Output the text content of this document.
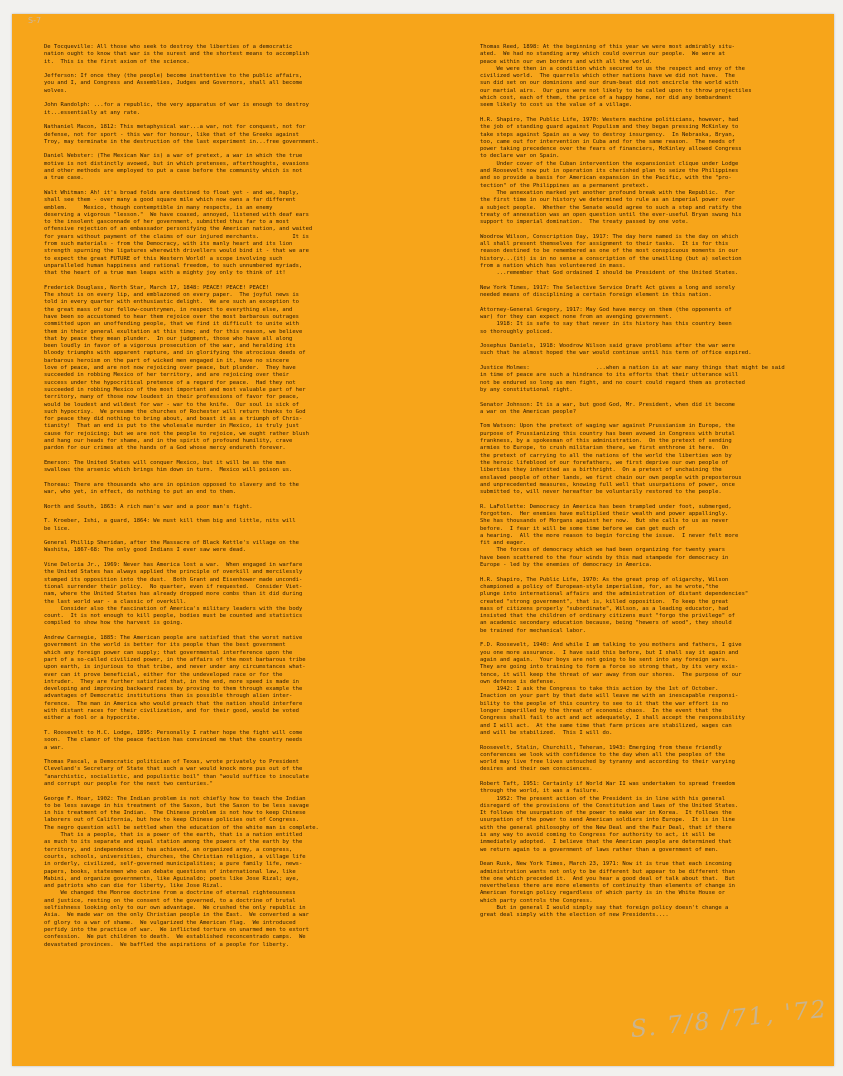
S-7
De Tocqueville: All those who seek to destroy the liberties of a democratic
nation ought to know that war is the surest and the shortest means to accomplish
it.  This is the first axiom of the science.
Jefferson: If once they (the people) become inattentive to the public affairs,
you and I, and Congress and Assemblies, Judges and Governors, shall all become
wolves.
John Randolph: ...for a republic, the very apparatus of war is enough to destroy
it...essentially at any rate.
Nathaniel Macon, 1812: This metaphysical war...a war, not for conquest, not for
defense, not for sport - this war for honour, like that of the Greeks against
Troy, may terminate in the destruction of the last experiment in...free government.
Daniel Webster: (The Mexican War is) a war of pretext, a war in which the true
motive is not distinctly avowed, but in which pretenses, afterthoughts, evasions
and other methods are employed to put a case before the community which is not
a true case.
Walt Whitman: Ah! it's broad folds are destined to float yet - and we, haply,
shall see them - over many a good square mile which now owns a far different
emblem.     Mexico, though contemptible in many respects, is an enemy
deserving a vigorous "lesson."  We have coaxed, annoyed, listened with deaf ears
to the insolent gasconnade of her government, submitted thus far to a most
offensive rejection of an embassador personifying the American nation, and waited
for years without payment of the claims of our injured merchants.          It is
from such materials - from the Democracy, with its manly heart and its lion
strength spurning the ligatures wherewith drivellers would bind it - that we are
to expect the great FUTURE of this Western World! a scope involving such
unparalleled human happiness and rational freedom, to such unnumbered myriads,
that the heart of a true man leaps with a mighty joy only to think of it!
Frederick Douglass, North Star, March 17, 1848: PEACE! PEACE! PEACE!
The shout is on every lip, and emblazoned on every paper.  The joyful news is
told in every quarter with enthusiastic delight.  We are such an exception to
the great mass of our fellow-countrymen, in respect to everything else, and
have been so accustomed to hear them rejoice over the most barbarous outrages
committed upon an unoffending people, that we find it difficult to unite with
them in their general exultation at this time; and for this reason, we believe
that by peace they mean plunder.  In our judgment, those who have all along
been loudly in favor of a vigorous prosecution of the war, and heralding its
bloody triumphs with apparent rapture, and in glorifying the atrocious deeds of
barbarous heroism on the part of wicked men engaged in it, have no sincere
love of peace, and are not now rejoicing over peace, but plunder.  They have
succeeded in robbing Mexico of her territory, and are rejoicing over their
success under the hypocritical pretence of a regard for peace.  Had they not
succeeded in robbing Mexico of the most important and most valuable part of her
territory, many of those now loudest in their professions of favor for peace,
would be loudest and wildest for war - war to the knife.  Our soul is sick of
such hypocrisy.  We presume the churches of Rochester will return thanks to God
for peace they did nothing to bring about, and boast it as a triumph of Chris-
tianity!  That an end is put to the wholesale murder in Mexico, is truly just
cause for rejoicing; but we are not the people to rejoice, we ought rather blush
and hang our heads for shame, and in the spirit of profound humility, crave
pardon for our crimes at the hands of a God whose mercy endureth forever.
Emerson: The United States will conquer Mexico, but it will be as the man
swallows the arsenic which brings him down in turn.  Mexico will poison us.
Thoreau: There are thousands who are in opinion opposed to slavery and to the
war, who yet, in effect, do nothing to put an end to them.
North and South, 1863: A rich man's war and a poor man's fight.
T. Kroeber, Ishi, a guard, 1864: We must kill them big and little, nits will
be lice.
General Phillip Sheridan, after the Massacre of Black Kettle's village on the
Washita, 1867-68: The only good Indians I ever saw were dead.
Vine Deloria Jr., 1969: Never has America lost a war.  When engaged in warfare
the United States has always applied the principle of overkill and mercilessly
stamped its opposition into the dust.  Both Grant and Eisenhower made uncondi-
tional surrender their policy.  No quarter, even if requested.  Consider Viet-
nam, where the United States has already dropped more combs than it did during
the last world war - a classic of overkill.
Consider also the fascination of America's military leaders with the body
count.  It is not enough to kill people, bodies must be counted and statistics
compiled to show how the harvest is going.
Andrew Carnegie, 1885: The American people are satisfied that the worst native
government in the world is better for its people than the best government
which any foreign power can supply; that governmental interference upon the
part of a so-called civilized power, in the affairs of the most barbarous tribe
upon earth, is injurious to that tribe, and never under any circumstances what-
ever can it prove beneficial, either for the undeveloped race or for the
intruder.  They are further satisfied that, in the end, more speed is made in
developing and improving backward races by proving to them through example the
advantages of Democratic institutions than is possible through alien inter-
ference.  The man in America who would preach that the nation should interfere
with distant races for their civilization, and for their good, would be voted
either a fool or a hypocrite.
T. Roosevelt to H.C. Lodge, 1895: Personally I rather hope the fight will come
soon.  The clamor of the peace faction has convinced me that the country needs
a war.
Thomas Pascal, a Democratic politician of Texas, wrote privately to President
Cleveland's Secretary of State that such a war would knock more pus out of the
"anarchistic, socialistic, and populistic boil" than "would suffice to inoculate
and corrupt our people for the next two centuries."
George F. Hoar, 1902: The Indian problem is not chiefly how to teach the Indian
to be less savage in his treatment of the Saxon, but the Saxon to be less savage
in his treatment of the Indian.  The Chinese problem is not how to keep Chinese
laborers out of California, but how to keep Chinese policies out of Congress.
The negro question will be settled when the education of the white man is complete.
That is a people, that is a power of the earth, that is a nation entitled
as much to its separate and equal station among the powers of the earth by the
territory, and independence it has achieved, an organized army, a congress,
courts, schools, universities, churches, the Christian religion, a village life
in orderly, civilized, self-governed municipalities; a pure family life, news-
papers, books, statesmen who can debate questions of international law, like
Mabini, and organize governments, like Aguinaldo; poets like Jose Rizal; aye,
and patriots who can die for liberty, like Jose Rizal.
We changed the Monroe doctrine from a doctrine of eternal righteousness
and justice, resting on the consent of the governed, to a doctrine of brutal
selfishness looking only to our own advantage.  We crushed the only republic in
Asia.  We made war on the only Christian people in the East.  We converted a war
of glory to a war of shame.  We vulgarized the American flag.  We introduced
perfidy into the practice of war.  We inflicted torture on unarmed men to extort
confession.  We put children to death.  We established reconcentrado camps.  We
devastated provinces.  We baffled the aspirations of a people for liberty.
Thomas Reed, 1898: At the beginning of this year we were most admirably situ-
ated.  We had no standing army which could overrun our people.  We were at
peace within our own borders and with all the world.
We were then in a condition which secured to us the respect and envy of the
civilized world.  The quarrels which other nations have we did not have.  The
sun did set on our dominions and our drum-beat did not encircle the world with
our martial airs.  Our guns were not likely to be called upon to throw projectiles
which cost, each of them, the price of a happy home, nor did any bombardment
seem likely to cost us the value of a village.
H.R. Shapiro, The Public Life, 1970: Western machine politicians, however, had
the job of standing guard against Populism and they began pressing McKinley to
take steps against Spain as a way to destroy insurgency.  In Nebraska, Bryan,
too, came out for intervention in Cuba and for the same reason.  The needs of
power taking precedence over the fears of financiers, McKinley allowed Congress
to declare war on Spain.
Under cover of the Cuban intervention the expansionist clique under Lodge
and Roosevelt now put in operation its cherished plan to seize the Philippines
and so provide a basis for American expansion in the Pacific, with the "pro-
tection" of the Philippines as a permanent pretext.
The annexation marked yet another profound break with the Republic.  For
the first time in our history we determined to rule as an imperial power over
a subject people.  Whether the Senate would agree to such a step and ratify the
treaty of annexation was an open question until the ever-useful Bryan swung his
support to imperial domination.  The treaty passed by one vote.
Woodrow Wilson, Conscription Day, 1917: The day here named is the day on which
all shall present themselves for assignment to their tasks.  It is for this
reason destined to be remembered as one of the most conspicuous moments in our
history...(it) is in no sense a conscription of the unwilling (but a) selection
from a nation which has volunteered in mass.
...remember that God ordained I should be President of the United States.
New York Times, 1917: The Selective Service Draft Act gives a long and sorely
needed means of disciplining a certain foreign element in this nation.
Attorney-General Gregory, 1917: May God have mercy on them (the opponents of
war) for they can expect none from an avenging government.
1918: It is safe to say that never in its history has this country been
so thoroughly policed.
Josephus Daniels, 1918: Woodrow Wilson said grave problems after the war were
such that he almost hoped the war would continue until his term of office expired.
Justice Holmes:                    ...when a nation is at war many things that might be said
in time of peace are such a hindrance to its efforts that their utterance will
not be endured so long as men fight, and no court could regard them as protected
by any constitutional right.
Senator Johnson: It is a war, but good God, Mr. President, when did it become
a war on the American people?
Tom Watson: Upon the pretext of waging war against Prussianism in Europe, the
purpose of Prussianizing this country has been avowed in Congress with brutal
frankness, by a spokesman of this administration.  On the pretext of sending
armies to Europe, to crush militarism there, we first enthrone it here.  On
the pretext of carrying to all the nations of the world the liberties won by
the heroic lifeblood of our forefathers, we first deprive our own people of
liberties they inherited as a birthright.  On a pretext of unchaining the
enslaved people of other lands, we first chain our own people with preposterous
and unprecedented measures, knowing full well that usurpations of power, once
submitted to, will never hereafter be voluntarily restored to the people.
R. LaFollette: Democracy in America has been trampled under foot, submerged,
forgotten.  Her enemies have multiplied their wealth and power appallingly.
She has thousands of Morgans against her now.  But she calls to us as never
before.  I fear it will be some time before we can get much of
a hearing.  All the more reason to begin forcing the issue.  I never felt more
fit and eager.
The forces of democracy which we had been organizing for twenty years
have been scattered to the four winds by this mad stampede for democracy in
Europe - led by the enemies of democracy in America.
H.R. Shapiro, The Public Life, 1970: As the great prop of oligarchy, Wilson
championed a policy of European-style imperialism, for, as he wrote,"the
plunge into international affairs and the administration of distant dependencies"
created "strong government", that is, killed opposition.  To keep the great
mass of citizens properly "subordinate", Wilson, as a leading educator, had
insisted that the children of ordinary citizens must "forgo the privilege" of
an academic secondary education because, being "hewers of wood", they should
be trained for mechanical labor.
F.D. Roosevelt, 1940: And while I am talking to you mothers and fathers, I give
you one more assurance.  I have said this before, but I shall say it again and
again and again.  Your boys are not going to be sent into any foreign wars.
They are going into training to form a force so strong that, by its very exis-
tence, it will keep the threat of war away from our shores.  The purpose of our
own defense is defense.
1942: I ask the Congress to take this action by the 1st of October.
Inaction on your part by that date will leave me with an inescapable responsi-
bility to the people of this country to see to it that the war effort is no
longer imperilled by the threat of economic chaos.  In the event that the
Congress shall fail to act and act adequately, I shall accept the responsibility
and I will act.  At the same time that farm prices are stabilized, wages can
and will be stabilized.  This I will do.
Roosevelt, Stalin, Churchill, Teheran, 1943: Emerging from these friendly
conferences we look with confidence to the day when all the peoples of the
world may live free lives untouched by tyranny and according to their varying
desires and their own consciences.
Robert Taft, 1951: Certainly if World War II was undertaken to spread freedom
through the world, it was a failure.
1952: The present action of the President is in line with his general
disregard of the provisions of the Constitution and laws of the United States.
It follows the usurpation of the power to make war in Korea.  It follows the
usurpation of the power to send American soldiers into Europe.  It is in line
with the general philosophy of the New Deal and the Fair Deal, that if there
is any way to avoid coming to Congress for authority to act, it will be
immediately adopted.  I believe that the American people are determined that
we return again to a government of laws rather than a government of men.
Dean Rusk, New York Times, March 23, 1971: Now it is true that each incoming
administration wants not only to be different but appear to be different than
the one which preceded it.  And you hear a good deal of talk about that.  But
nevertheless there are more elements of continuity than elements of change in
American foreign policy regardless of which party is in the White House or
which party controls the Congress.
But in general I would simply say that foreign policy doesn't change a
great deal simply with the election of new Presidents....
S. 7/8 /71, '72
